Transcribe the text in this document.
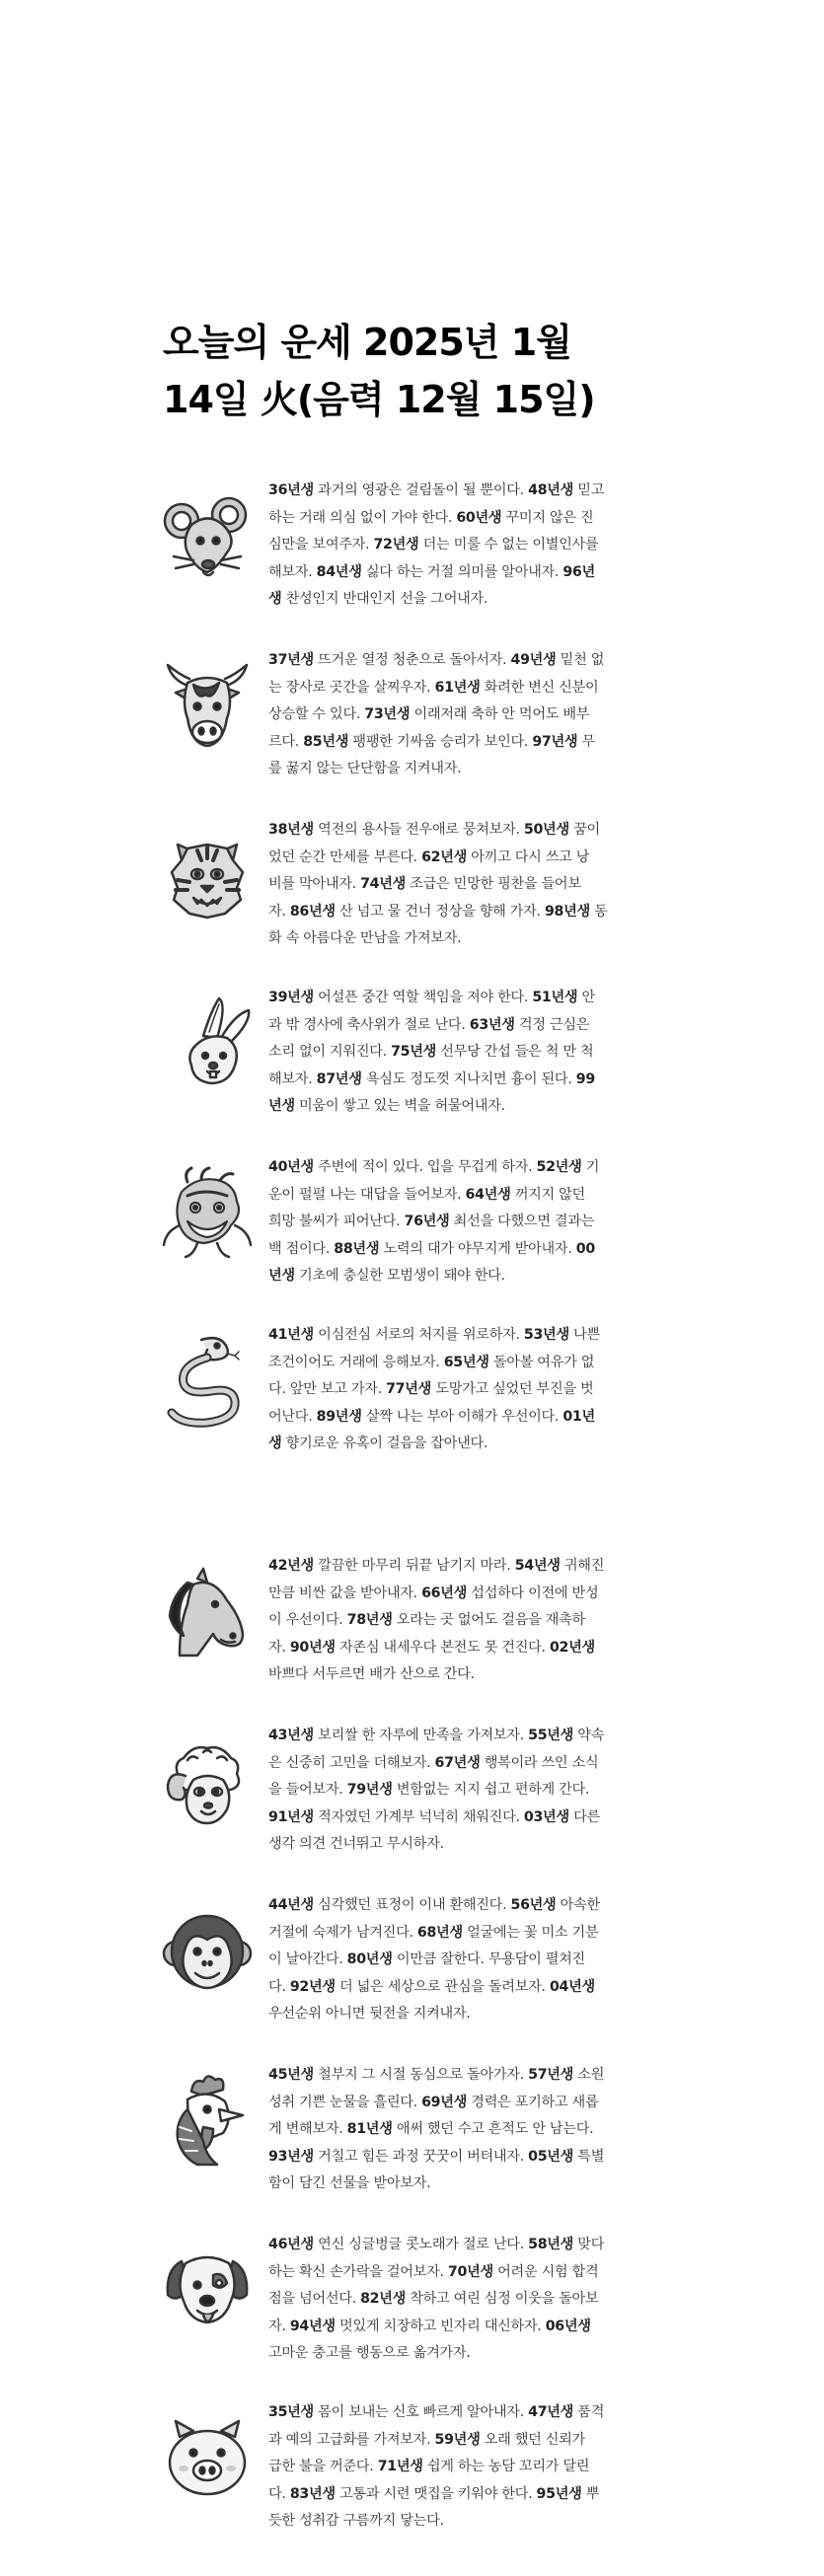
오늘의 운세 2025년 1월
14일 火(음력 12월 15일)

36년생 과거의 영광은 걸림돌이 될 뿐이다. 48년생 믿고
하는 거래 의심 없이 가야 한다. 60년생 꾸미지 않은 진
심만을 보여주자. 72년생 더는 미룰 수 없는 이별인사를
해보자. 84년생 싫다 하는 거절 의미를 알아내자. 96년
생 찬성인지 반대인지 선을 그어내자.

37년생 뜨거운 열정 청춘으로 돌아서자. 49년생 밑천 없
는 장사로 곳간을 살찌우자. 61년생 화려한 변신 신분이
상승할 수 있다. 73년생 이래저래 축하 안 먹어도 배부
르다. 85년생 팽팽한 기싸움 승리가 보인다. 97년생 무
릎 꿇지 않는 단단함을 지켜내자.

38년생 역전의 용사들 전우애로 뭉쳐보자. 50년생 꿈이
었던 순간 만세를 부른다. 62년생 아끼고 다시 쓰고 낭
비를 막아내자. 74년생 조급은 민망한 핑찬을 들어보
자. 86년생 산 넘고 물 건너 정상을 향해 가자. 98년생 동
화 속 아름다운 만남을 가져보자.

39년생 어설픈 중간 역할 책임을 져야 한다. 51년생 안
과 밖 경사에 축사위가 절로 난다. 63년생 걱정 근심은
소리 없이 지워진다. 75년생 선무당 간섭 들은 척 만 척
해보자. 87년생 욕심도 정도껏 지나치면 흉이 된다. 99
년생 미움이 쌓고 있는 벽을 허물어내자.

40년생 주변에 적이 있다. 입을 무겁게 하자. 52년생 기
운이 펄펄 나는 대답을 들어보자. 64년생 꺼지지 않던
희망 불씨가 피어난다. 76년생 최선을 다했으면 결과는
백 점이다. 88년생 노력의 대가 야무지게 받아내자. 00
년생 기초에 충실한 모범생이 돼야 한다.

41년생 이심전심 서로의 처지를 위로하자. 53년생 나쁜
조건이어도 거래에 응해보자. 65년생 돌아볼 여유가 없
다. 앞만 보고 가자. 77년생 도망가고 싶었던 부진을 벗
어난다. 89년생 살짝 나는 부아 이해가 우선이다. 01년
생 향기로운 유혹이 걸음을 잡아낸다.

42년생 깔끔한 마무리 뒤끝 남기지 마라. 54년생 귀해진
만큼 비싼 값을 받아내자. 66년생 섭섭하다 이전에 반성
이 우선이다. 78년생 오라는 곳 없어도 걸음을 재촉하
자. 90년생 자존심 내세우다 본전도 못 건진다. 02년생
바쁘다 서두르면 배가 산으로 간다.

43년생 보리쌀 한 자루에 만족을 가져보자. 55년생 약속
은 신중히 고민을 더해보자. 67년생 행복이라 쓰인 소식
을 들어보자. 79년생 변함없는 지지 쉽고 편하게 간다.
91년생 적자였던 가계부 넉넉히 채워진다. 03년생 다른
생각 의견 건너뛰고 무시하자.

44년생 심각했던 표정이 이내 환해진다. 56년생 아속한
거절에 숙제가 남겨진다. 68년생 얼굴에는 꽃 미소 기분
이 날아간다. 80년생 이만큼 잘한다. 무용담이 펼쳐진
다. 92년생 더 넓은 세상으로 관심을 돌려보자. 04년생
우선순위 아니면 뒷전을 지켜내자.

45년생 철부지 그 시절 동심으로 돌아가자. 57년생 소원
성취 기쁜 눈물을 흘린다. 69년생 경력은 포기하고 새롭
게 변해보자. 81년생 애써 했던 수고 흔적도 안 남는다.
93년생 거칠고 힘든 과정 꿋꿋이 버텨내자. 05년생 특별
함이 담긴 선물을 받아보자.

46년생 연신 싱글벙글 콧노래가 절로 난다. 58년생 맞다
하는 확신 손가락을 걸어보자. 70년생 어려운 시험 합격
점을 넘어선다. 82년생 착하고 여린 심정 이웃을 돌아보
자. 94년생 멋있게 치장하고 빈자리 대신하자. 06년생
고마운 충고를 행동으로 옮겨가자.

35년생 몸이 보내는 신호 빠르게 알아내자. 47년생 품격
과 예의 고급화를 가져보자. 59년생 오래 했던 신뢰가
급한 불을 꺼준다. 71년생 쉽게 하는 농담 꼬리가 달린
다. 83년생 고통과 시련 맷집을 키워야 한다. 95년생 뿌
듯한 성취감 구름까지 닿는다.
